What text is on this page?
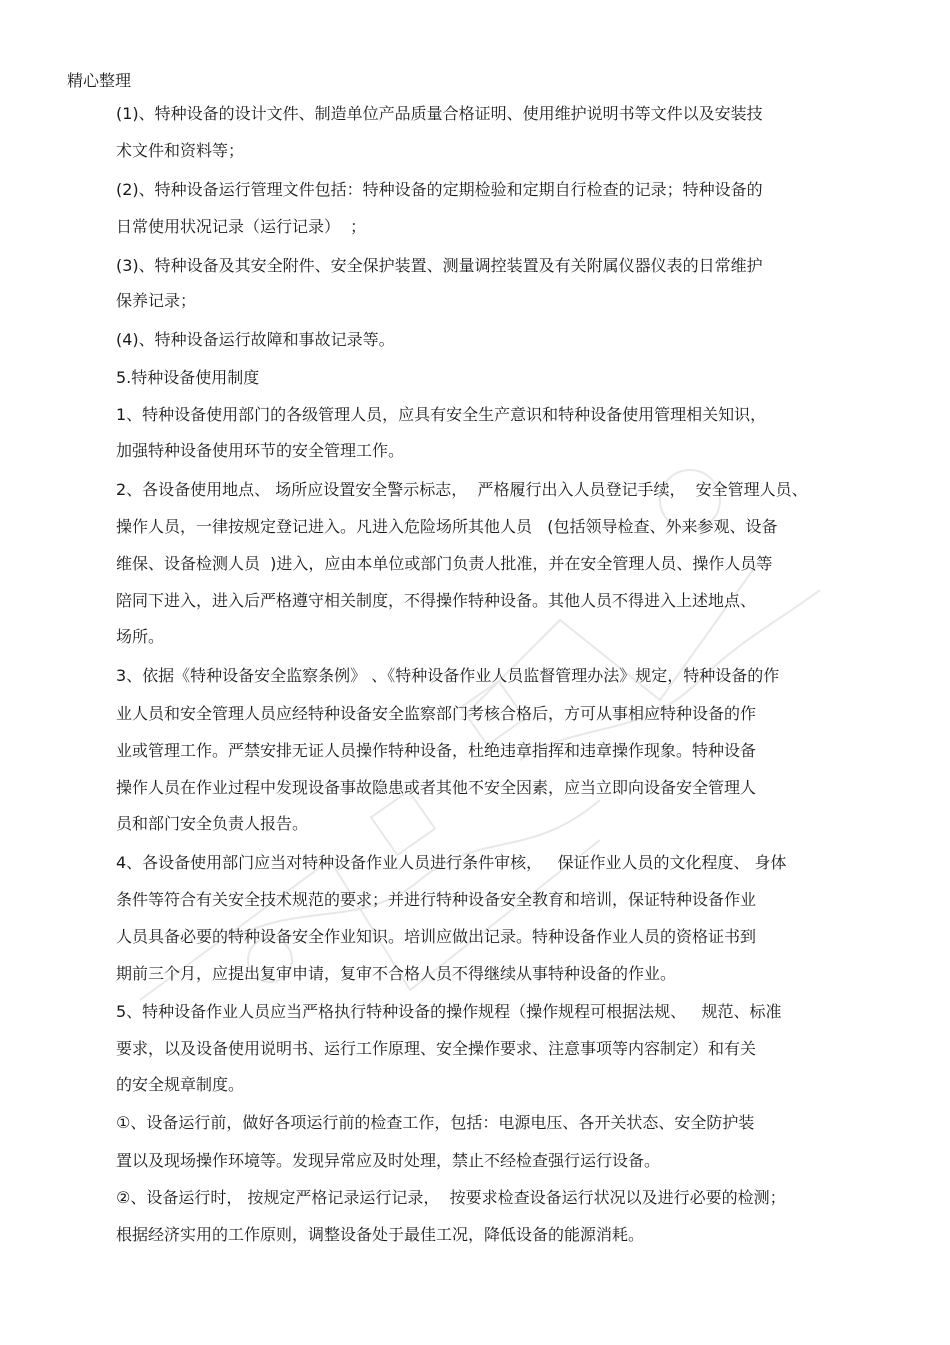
精心整理
(1)、特种设备的设计文件、制造单位产品质量合格证明、使用维护说明书等文件以及安装技
术文件和资料等；
(2)、特种设备运行管理文件包括：特种设备的定期检验和定期自行检查的记录；特种设备的
日常使用状况记录（运行记录）  ；
(3)、特种设备及其安全附件、安全保护装置、测量调控装置及有关附属仪器仪表的日常维护
保养记录；
(4)、特种设备运行故障和事故记录等。
5.特种设备使用制度
1、特种设备使用部门的各级管理人员，应具有安全生产意识和特种设备使用管理相关知识，
加强特种设备使用环节的安全管理工作。
2、各设备使用地点、 场所应设置安全警示标志，  严格履行出入人员登记手续，  安全管理人员、
操作人员，一律按规定登记进入。凡进入危险场所其他人员   (包括领导检查、外来参观、设备
维保、设备检测人员  )进入，应由本单位或部门负责人批准，并在安全管理人员、操作人员等
陪同下进入，进入后严格遵守相关制度，不得操作特种设备。其他人员不得进入上述地点、
场所。
3、依据《特种设备安全监察条例》 、《特种设备作业人员监督管理办法》规定，特种设备的作
业人员和安全管理人员应经特种设备安全监察部门考核合格后，方可从事相应特种设备的作
业或管理工作。严禁安排无证人员操作特种设备，杜绝违章指挥和违章操作现象。特种设备
操作人员在作业过程中发现设备事故隐患或者其他不安全因素，应当立即向设备安全管理人
员和部门安全负责人报告。
4、各设备使用部门应当对特种设备作业人员进行条件审核，   保证作业人员的文化程度、 身体
条件等符合有关安全技术规范的要求；并进行特种设备安全教育和培训，保证特种设备作业
人员具备必要的特种设备安全作业知识。培训应做出记录。特种设备作业人员的资格证书到
期前三个月，应提出复审申请，复审不合格人员不得继续从事特种设备的作业。
5、特种设备作业人员应当严格执行特种设备的操作规程（操作规程可根据法规、   规范、标准
要求，以及设备使用说明书、运行工作原理、安全操作要求、注意事项等内容制定）和有关
的安全规章制度。
①、设备运行前，做好各项运行前的检查工作，包括：电源电压、各开关状态、安全防护装
置以及现场操作环境等。发现异常应及时处理，禁止不经检查强行运行设备。
②、设备运行时， 按规定严格记录运行记录，  按要求检查设备运行状况以及进行必要的检测；
根据经济实用的工作原则，调整设备处于最佳工况，降低设备的能源消耗。
